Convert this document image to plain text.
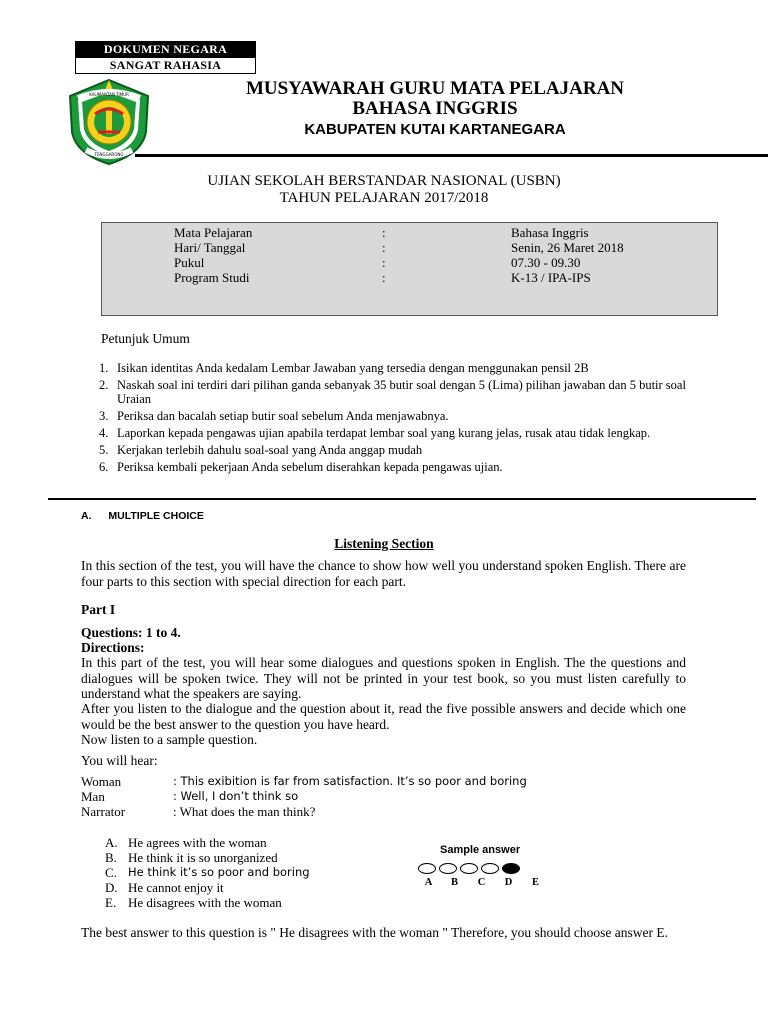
DOKUMEN NEGARA
SANGAT RAHASIA
KALIMANTAN TIMUR
TENGGARONG
MUSYAWARAH GURU MATA PELAJARAN
BAHASA INGGRIS
KABUPATEN KUTAI KARTANEGARA
UJIAN SEKOLAH BERSTANDAR NASIONAL (USBN)
TAHUN PELAJARAN 2017/2018
Mata Pelajaran	:	Bahasa Inggris
Hari/ Tanggal	:	Senin, 26 Maret 2018
Pukul	:	07.30 - 09.30
Program Studi	:	K-13 / IPA-IPS
Petunjuk Umum
1. Isikan identitas Anda kedalam Lembar Jawaban yang tersedia dengan menggunakan pensil 2B
2. Naskah soal ini terdiri dari pilihan ganda sebanyak 35 butir soal dengan 5 (Lima) pilihan jawaban dan 5 butir soal Uraian
3. Periksa dan bacalah setiap butir soal sebelum Anda menjawabnya.
4. Laporkan kepada pengawas ujian apabila terdapat lembar soal yang kurang jelas, rusak atau tidak lengkap.
5. Kerjakan terlebih dahulu soal-soal yang Anda anggap mudah
6. Periksa kembali pekerjaan Anda sebelum diserahkan kepada pengawas ujian.
A. MULTIPLE CHOICE
Listening Section
In this section of the test, you will have the chance to show how well you understand spoken English. There are four parts to this section with special direction for each part.
Part I
Questions: 1 to 4.
Directions:
In this part of the test, you will hear some dialogues and questions spoken in English. The the questions and dialogues will be spoken twice. They will not be printed in your test book, so you must listen carefully to understand what the speakers are saying.
After you listen to the dialogue and the question about it, read the five possible answers and decide which one would be the best answer to the question you have heard.
Now listen to a sample question.
You will hear:
Woman	: This exibition is far from satisfaction. It’s so poor and boring
Man	: Well, I don’t think so
Narrator	: What does the man think?
A. He agrees with the woman
B. He think it is so unorganized
C. He think it’s so poor and boring
D. He cannot enjoy it
E. He disagrees with the woman
Sample answer
A B C D E
The best answer to this question is " He disagrees with the woman " Therefore, you should choose answer E.
